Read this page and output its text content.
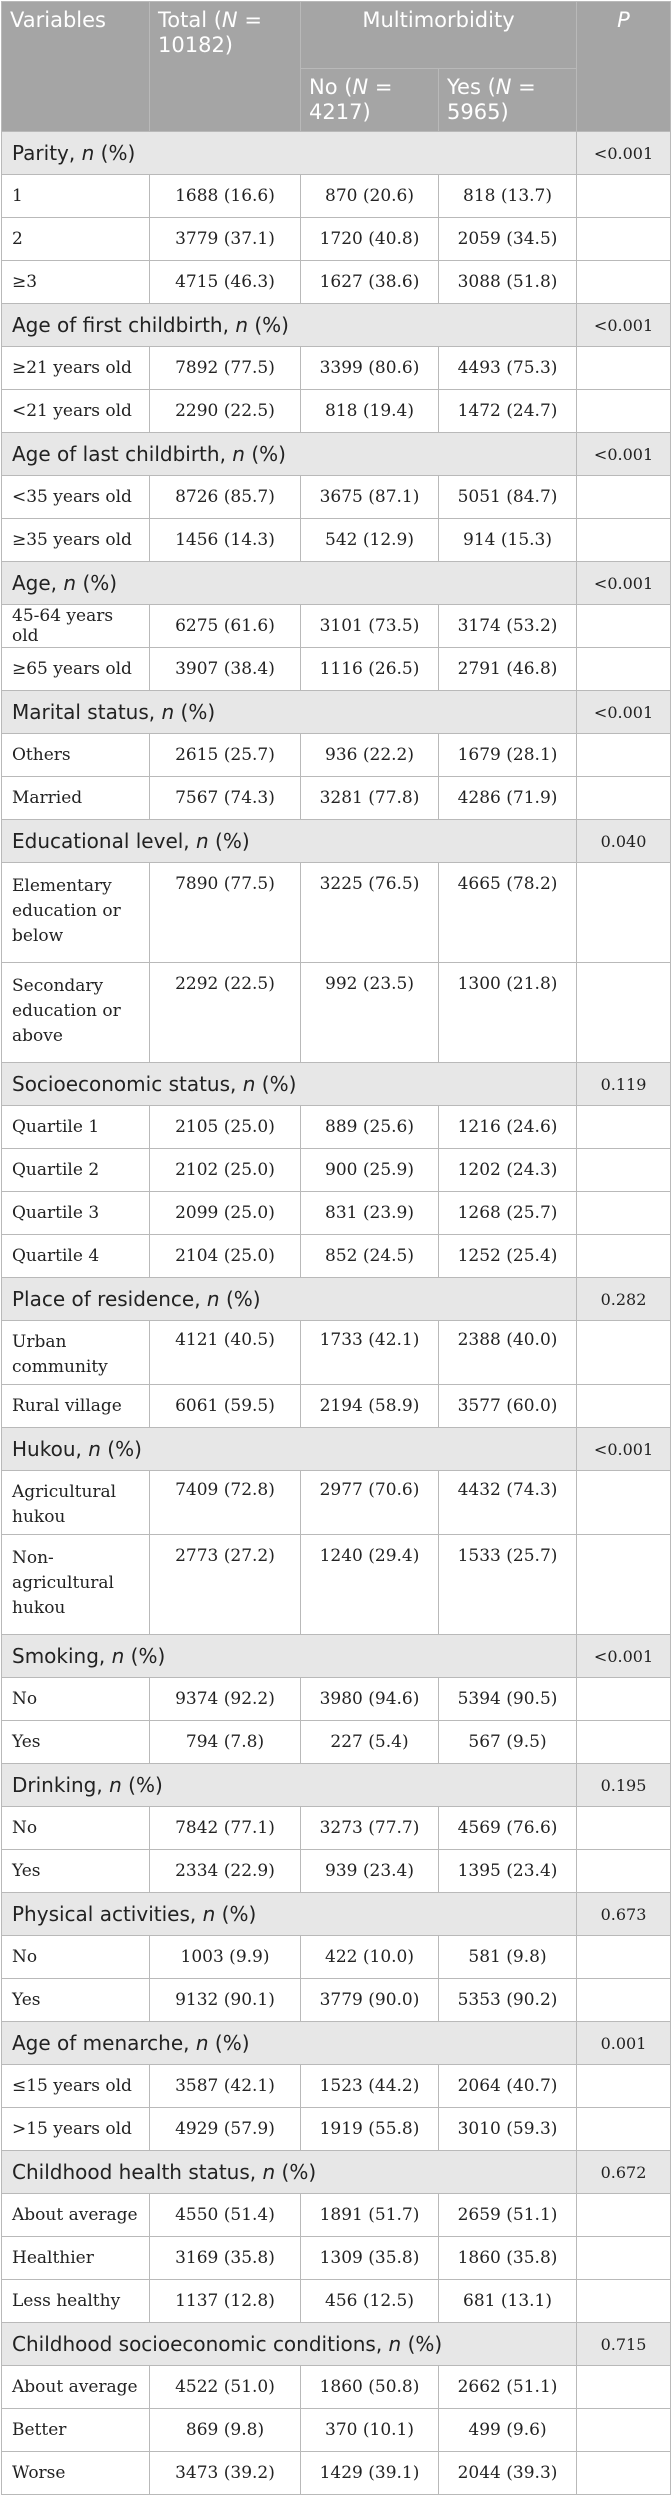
Variables	Total (N = 10182)	Multimorbidity		P
		No (N = 4217)	Yes (N = 5965)	
Parity, n (%)				<0.001
1	1688 (16.6)	870 (20.6)	818 (13.7)	
2	3779 (37.1)	1720 (40.8)	2059 (34.5)	
≥3	4715 (46.3)	1627 (38.6)	3088 (51.8)	
Age of first childbirth, n (%)				<0.001
≥21 years old	7892 (77.5)	3399 (80.6)	4493 (75.3)	
<21 years old	2290 (22.5)	818 (19.4)	1472 (24.7)	
Age of last childbirth, n (%)				<0.001
<35 years old	8726 (85.7)	3675 (87.1)	5051 (84.7)	
≥35 years old	1456 (14.3)	542 (12.9)	914 (15.3)	
Age, n (%)				<0.001
45-64 years old	6275 (61.6)	3101 (73.5)	3174 (53.2)	
≥65 years old	3907 (38.4)	1116 (26.5)	2791 (46.8)	
Marital status, n (%)				<0.001
Others	2615 (25.7)	936 (22.2)	1679 (28.1)	
Married	7567 (74.3)	3281 (77.8)	4286 (71.9)	
Educational level, n (%)				0.040
Elementary education or below	7890 (77.5)	3225 (76.5)	4665 (78.2)	
Secondary education or above	2292 (22.5)	992 (23.5)	1300 (21.8)	
Socioeconomic status, n (%)				0.119
Quartile 1	2105 (25.0)	889 (25.6)	1216 (24.6)	
Quartile 2	2102 (25.0)	900 (25.9)	1202 (24.3)	
Quartile 3	2099 (25.0)	831 (23.9)	1268 (25.7)	
Quartile 4	2104 (25.0)	852 (24.5)	1252 (25.4)	
Place of residence, n (%)				0.282
Urban community	4121 (40.5)	1733 (42.1)	2388 (40.0)	
Rural village	6061 (59.5)	2194 (58.9)	3577 (60.0)	
Hukou, n (%)				<0.001
Agricultural hukou	7409 (72.8)	2977 (70.6)	4432 (74.3)	
Non-agricultural hukou	2773 (27.2)	1240 (29.4)	1533 (25.7)	
Smoking, n (%)				<0.001
No	9374 (92.2)	3980 (94.6)	5394 (90.5)	
Yes	794 (7.8)	227 (5.4)	567 (9.5)	
Drinking, n (%)				0.195
No	7842 (77.1)	3273 (77.7)	4569 (76.6)	
Yes	2334 (22.9)	939 (23.4)	1395 (23.4)	
Physical activities, n (%)				0.673
No	1003 (9.9)	422 (10.0)	581 (9.8)	
Yes	9132 (90.1)	3779 (90.0)	5353 (90.2)	
Age of menarche, n (%)				0.001
≤15 years old	3587 (42.1)	1523 (44.2)	2064 (40.7)	
>15 years old	4929 (57.9)	1919 (55.8)	3010 (59.3)	
Childhood health status, n (%)				0.672
About average	4550 (51.4)	1891 (51.7)	2659 (51.1)	
Healthier	3169 (35.8)	1309 (35.8)	1860 (35.8)	
Less healthy	1137 (12.8)	456 (12.5)	681 (13.1)	
Childhood socioeconomic conditions, n (%)				0.715
About average	4522 (51.0)	1860 (50.8)	2662 (51.1)	
Better	869 (9.8)	370 (10.1)	499 (9.6)	
Worse	3473 (39.2)	1429 (39.1)	2044 (39.3)	
